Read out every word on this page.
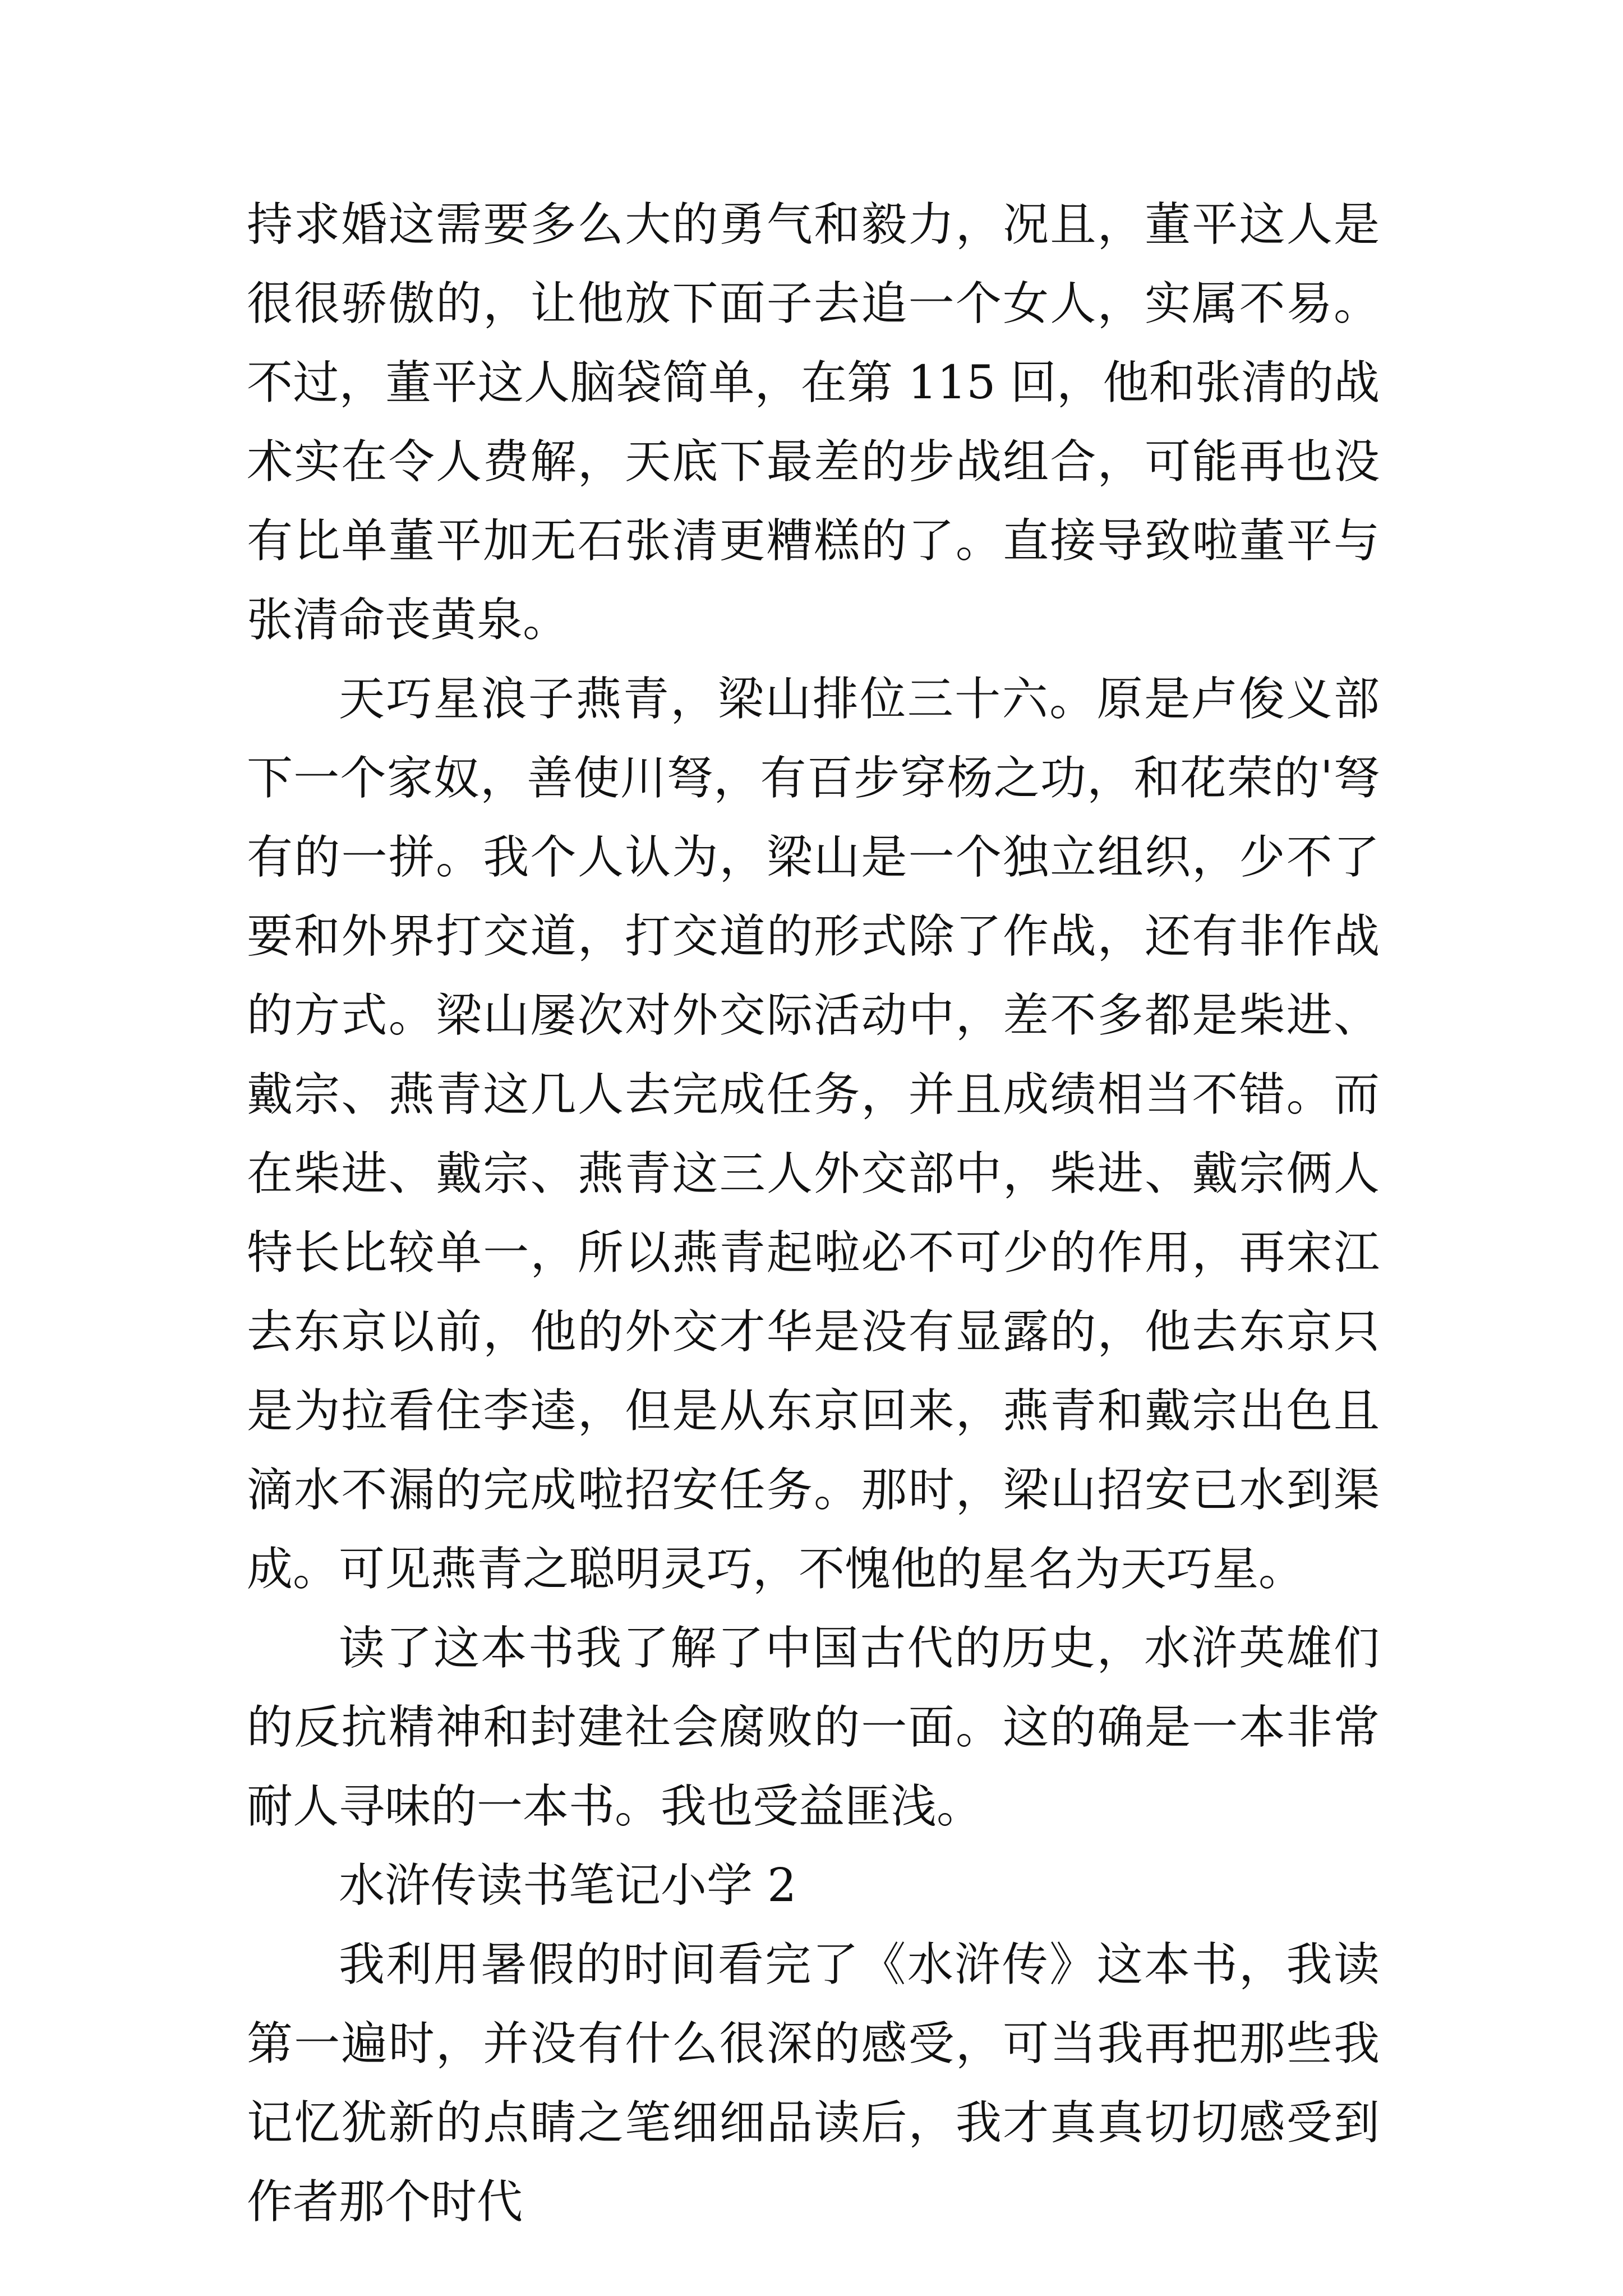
持求婚这需要多么大的勇气和毅力，况且，董平这人是很很骄傲的，让他放下面子去追一个女人，实属不易。不过，董平这人脑袋简单，在第 115 回，他和张清的战术实在令人费解，天底下最差的步战组合，可能再也没有比单董平加无石张清更糟糕的了。直接导致啦董平与张清命丧黄泉。

天巧星浪子燕青，梁山排位三十六。原是卢俊义部下一个家奴，善使川弩，有百步穿杨之功，和花荣的'弩有的一拼。我个人认为，梁山是一个独立组织，少不了要和外界打交道，打交道的形式除了作战，还有非作战的方式。梁山屡次对外交际活动中，差不多都是柴进、戴宗、燕青这几人去完成任务，并且成绩相当不错。而在柴进、戴宗、燕青这三人外交部中，柴进、戴宗俩人特长比较单一，所以燕青起啦必不可少的作用，再宋江去东京以前，他的外交才华是没有显露的，他去东京只是为拉看住李逵，但是从东京回来，燕青和戴宗出色且滴水不漏的完成啦招安任务。那时，梁山招安已水到渠成。可见燕青之聪明灵巧，不愧他的星名为天巧星。

读了这本书我了解了中国古代的历史，水浒英雄们的反抗精神和封建社会腐败的一面。这的确是一本非常耐人寻味的一本书。我也受益匪浅。

水浒传读书笔记小学 2

我利用暑假的时间看完了《水浒传》这本书，我读第一遍时，并没有什么很深的感受，可当我再把那些我记忆犹新的点睛之笔细细品读后，我才真真切切感受到作者那个时代
